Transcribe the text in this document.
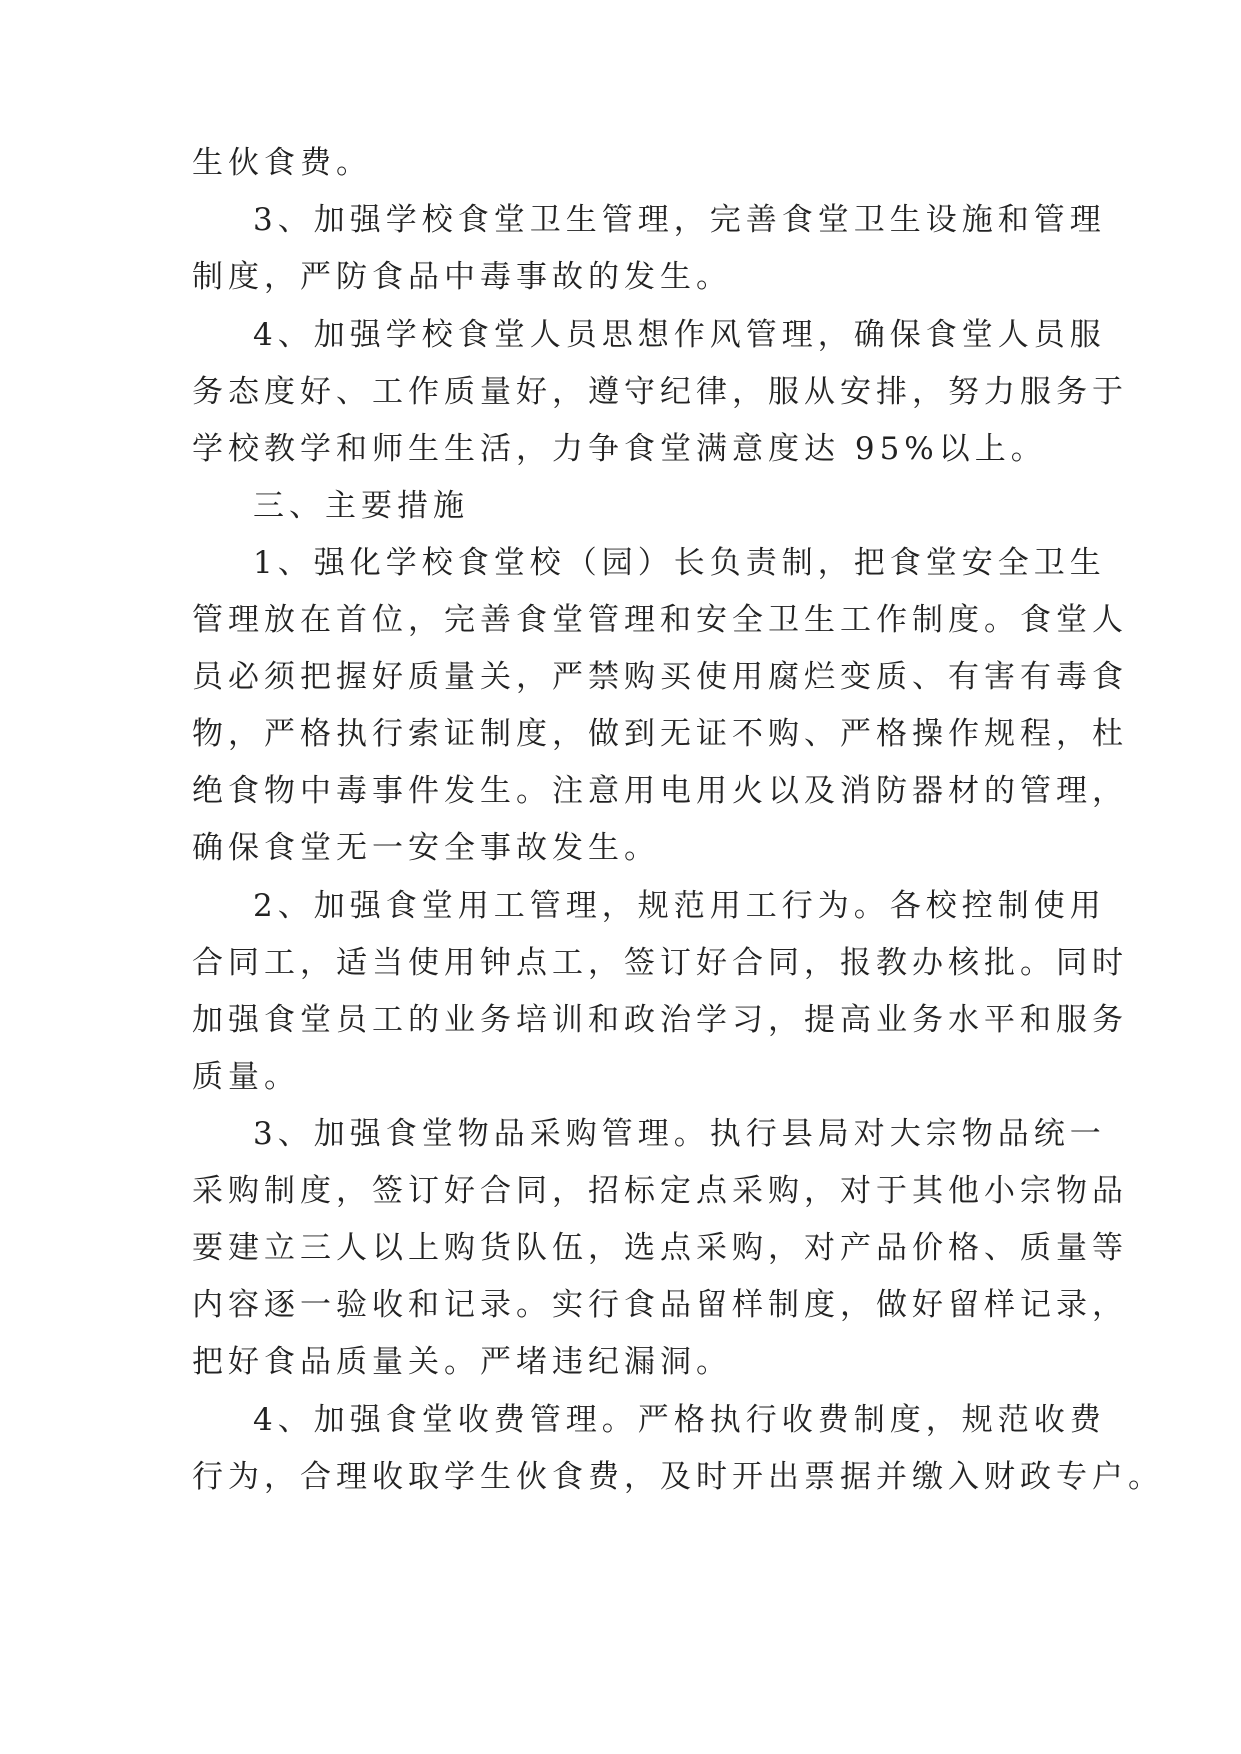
生伙食费。
3、加强学校食堂卫生管理，完善食堂卫生设施和管理
制度，严防食品中毒事故的发生。
4、加强学校食堂人员思想作风管理，确保食堂人员服
务态度好、工作质量好，遵守纪律，服从安排，努力服务于
学校教学和师生生活，力争食堂满意度达 95%以上。
三、主要措施
1、强化学校食堂校（园）长负责制，把食堂安全卫生
管理放在首位，完善食堂管理和安全卫生工作制度。食堂人
员必须把握好质量关，严禁购买使用腐烂变质、有害有毒食
物，严格执行索证制度，做到无证不购、严格操作规程，杜
绝食物中毒事件发生。注意用电用火以及消防器材的管理，
确保食堂无一安全事故发生。
2、加强食堂用工管理，规范用工行为。各校控制使用
合同工，适当使用钟点工，签订好合同，报教办核批。同时
加强食堂员工的业务培训和政治学习，提高业务水平和服务
质量。
3、加强食堂物品采购管理。执行县局对大宗物品统一
采购制度，签订好合同，招标定点采购，对于其他小宗物品
要建立三人以上购货队伍，选点采购，对产品价格、质量等
内容逐一验收和记录。实行食品留样制度，做好留样记录，
把好食品质量关。严堵违纪漏洞。
4、加强食堂收费管理。严格执行收费制度，规范收费
行为，合理收取学生伙食费，及时开出票据并缴入财政专户。
